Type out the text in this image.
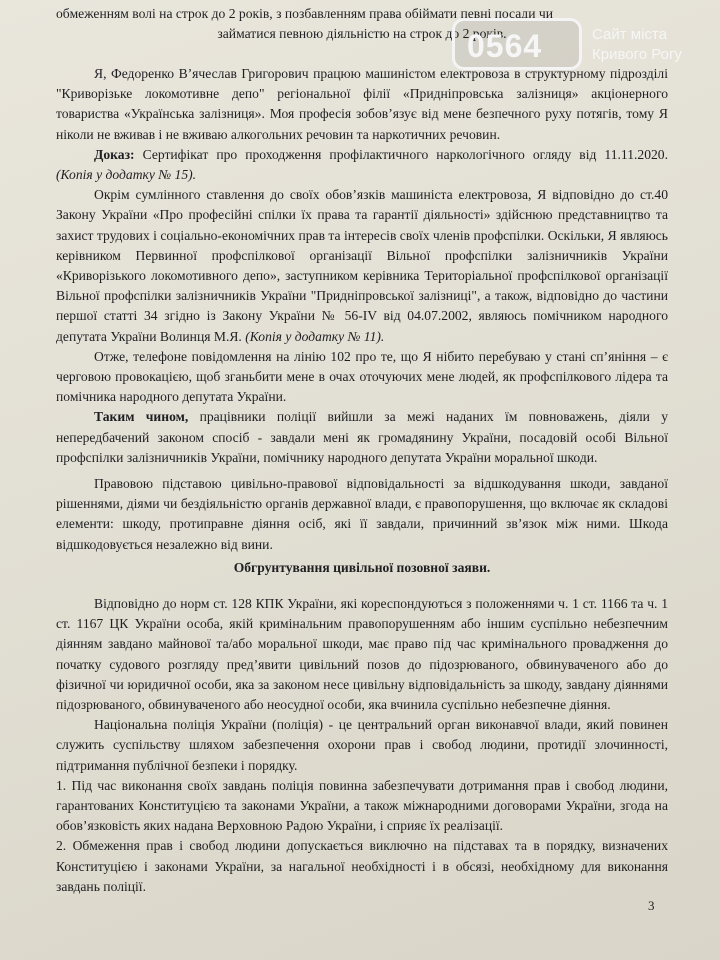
обмеженням волі на строк до 2 років, з позбавленням права обіймати певні посади чи

займатися певною діяльністю на строк до 2 років.

Я, Федоренко В’ячеслав Григорович працюю машиністом електровоза в структурному підрозділі "Криворізьке локомотивне депо" регіональної філії «Придніпровська залізниця» акціонерного товариства «Українська залізниця». Моя професія зобов’язує від мене безпечного руху потягів, тому Я ніколи не вживав і не вживаю алкогольних речовин та наркотичних речовин.

Доказ: Сертифікат про проходження профілактичного наркологічного огляду від 11.11.2020. (Копія у додатку № 15).

Окрім сумлінного ставлення до своїх обов’язків машиніста електровоза, Я відповідно до ст.40 Закону України «Про професійні спілки їх права та гарантії діяльності» здійснюю представництво та захист трудових і соціально-економічних прав та інтересів своїх членів профспілки. Оскільки, Я являюсь керівником Первинної профспілкової організації Вільної профспілки залізничників України «Криворізького локомотивного депо», заступником керівника Територіальної профспілкової організації Вільної профспілки залізничників України "Придніпровської залізниці", а також, відповідно до частини першої статті 34 згідно із Закону України № 56-IV від 04.07.2002, являюсь помічником народного депутата України Волинця М.Я. (Копія у додатку № 11).

Отже, телефоне повідомлення на лінію 102 про те, що Я нібито перебуваю у стані сп’яніння – є черговою провокацією, щоб зганьбити мене в очах оточуючих мене людей, як профспілкового лідера та помічника народного депутата України.

Таким чином, працівники поліції вийшли за межі наданих їм повноважень, діяли у непередбачений законом спосіб - завдали мені як громадянину України, посадовій особі Вільної профспілки залізничників України, помічнику народного депутата України моральної шкоди.

Правовою підставою цивільно-правової відповідальності за відшкодування шкоди, завданої рішеннями, діями чи бездіяльністю органів державної влади, є правопорушення, що включає як складові елементи: шкоду, протиправне діяння осіб, які її завдали, причинний зв’язок між ними. Шкода відшкодовується незалежно від вини.

Обгрунтування цивільної позовної заяви.

Відповідно до норм ст. 128 КПК України, які кореспондуються з положеннями ч. 1 ст. 1166 та ч. 1 ст. 1167 ЦК України особа, якій кримінальним правопорушенням або іншим суспільно небезпечним діянням завдано майнової та/або моральної шкоди, має право під час кримінального провадження до початку судового розгляду пред’явити цивільний позов до підозрюваного, обвинуваченого або до фізичної чи юридичної особи, яка за законом несе цивільну відповідальність за шкоду, завдану діяннями підозрюваного, обвинуваченого або неосудної особи, яка вчинила суспільно небезпечне діяння.

Національна поліція України (поліція) - це центральний орган виконавчої влади, який повинен служить суспільству шляхом забезпечення охорони прав і свобод людини, протидії злочинності, підтримання публічної безпеки і порядку.

1. Під час виконання своїх завдань поліція повинна забезпечувати дотримання прав і свобод людини, гарантованих Конституцією та законами України, а також міжнародними договорами України, згода на обов’язковість яких надана Верховною Радою України, і сприяє їх реалізації.

2. Обмеження прав і свобод людини допускається виключно на підставах та в порядку, визначених Конституцією і законами України, за нагальної необхідності і в обсязі, необхідному для виконання завдань поліції.

3
0564	Сайт міста
Кривого Рогу
